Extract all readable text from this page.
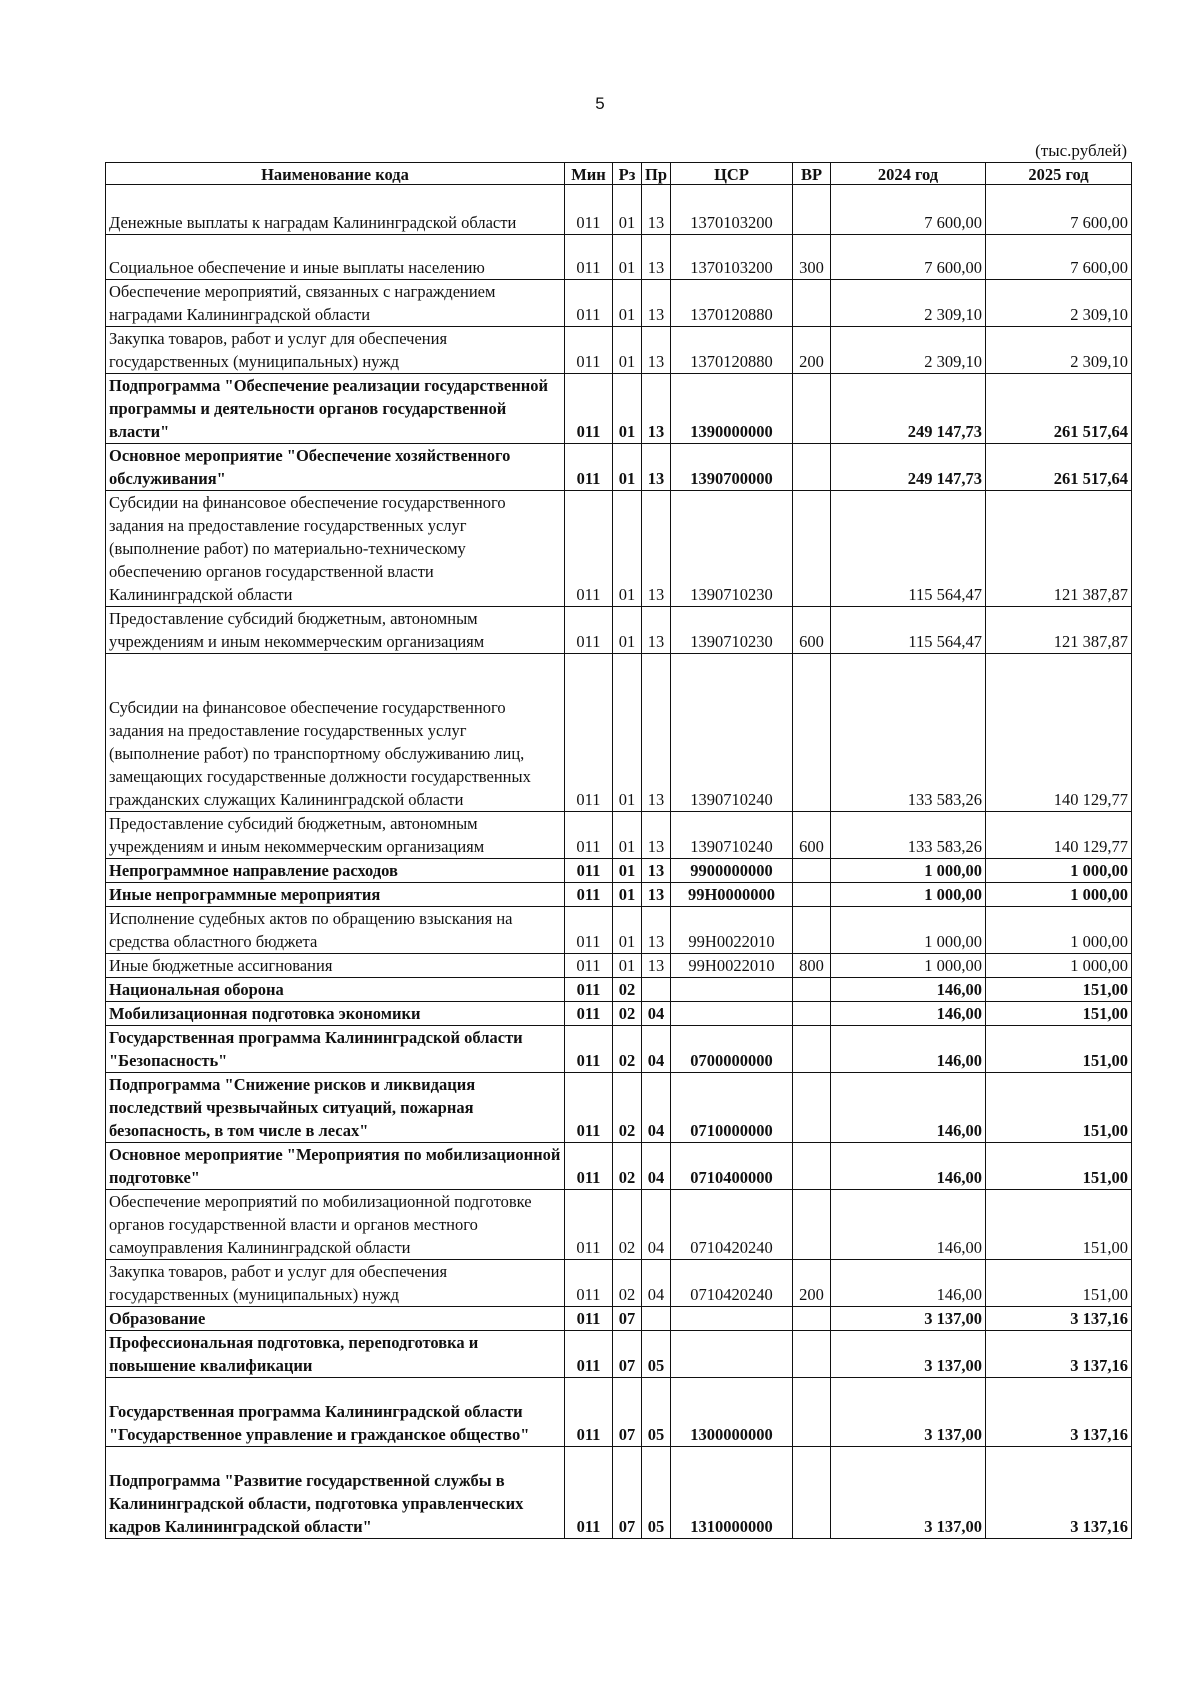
5
(тыс.рублей)
Наименование кода	Мин	Рз	Пр	ЦСР	ВР	2024 год	2025 год
Денежные выплаты к наградам Калининградской области	011	01	13	1370103200		7 600,00	7 600,00
Социальное обеспечение и иные выплаты населению	011	01	13	1370103200	300	7 600,00	7 600,00
Обеспечение мероприятий, связанных с награждением наградами Калининградской области	011	01	13	1370120880		2 309,10	2 309,10
Закупка товаров, работ и услуг для обеспечения государственных (муниципальных) нужд	011	01	13	1370120880	200	2 309,10	2 309,10
Подпрограмма "Обеспечение реализации государственной программы и деятельности органов государственной власти"	011	01	13	1390000000		249 147,73	261 517,64
Основное мероприятие "Обеспечение хозяйственного обслуживания"	011	01	13	1390700000		249 147,73	261 517,64
Субсидии на финансовое обеспечение государственного задания на предоставление государственных услуг (выполнение работ) по материально-техническому обеспечению органов государственной власти Калининградской области	011	01	13	1390710230		115 564,47	121 387,87
Предоставление субсидий бюджетным, автономным учреждениям и иным некоммерческим организациям	011	01	13	1390710230	600	115 564,47	121 387,87
Субсидии на финансовое обеспечение государственного задания на предоставление государственных услуг (выполнение работ) по транспортному обслуживанию лиц, замещающих государственные должности государственных гражданских служащих Калининградской области	011	01	13	1390710240		133 583,26	140 129,77
Предоставление субсидий бюджетным, автономным учреждениям и иным некоммерческим организациям	011	01	13	1390710240	600	133 583,26	140 129,77
Непрограммное направление расходов	011	01	13	9900000000		1 000,00	1 000,00
Иные непрограммные мероприятия	011	01	13	99Н0000000		1 000,00	1 000,00
Исполнение судебных актов по обращению взыскания на средства областного бюджета	011	01	13	99Н0022010		1 000,00	1 000,00
Иные бюджетные ассигнования	011	01	13	99Н0022010	800	1 000,00	1 000,00
Национальная оборона	011	02				146,00	151,00
Мобилизационная подготовка экономики	011	02	04			146,00	151,00
Государственная программа Калининградской области "Безопасность"	011	02	04	0700000000		146,00	151,00
Подпрограмма "Снижение рисков и ликвидация последствий чрезвычайных ситуаций, пожарная безопасность, в том числе в лесах"	011	02	04	0710000000		146,00	151,00
Основное мероприятие "Мероприятия по мобилизационной подготовке"	011	02	04	0710400000		146,00	151,00
Обеспечение мероприятий по мобилизационной подготовке органов государственной власти и органов местного самоуправления Калининградской области	011	02	04	0710420240		146,00	151,00
Закупка товаров, работ и услуг для обеспечения государственных (муниципальных) нужд	011	02	04	0710420240	200	146,00	151,00
Образование	011	07				3 137,00	3 137,16
Профессиональная подготовка, переподготовка и повышение квалификации	011	07	05			3 137,00	3 137,16
Государственная программа Калининградской области "Государственное управление и гражданское общество"	011	07	05	1300000000		3 137,00	3 137,16
Подпрограмма "Развитие государственной службы в Калининградской области, подготовка управленческих кадров Калининградской области"	011	07	05	1310000000		3 137,00	3 137,16
